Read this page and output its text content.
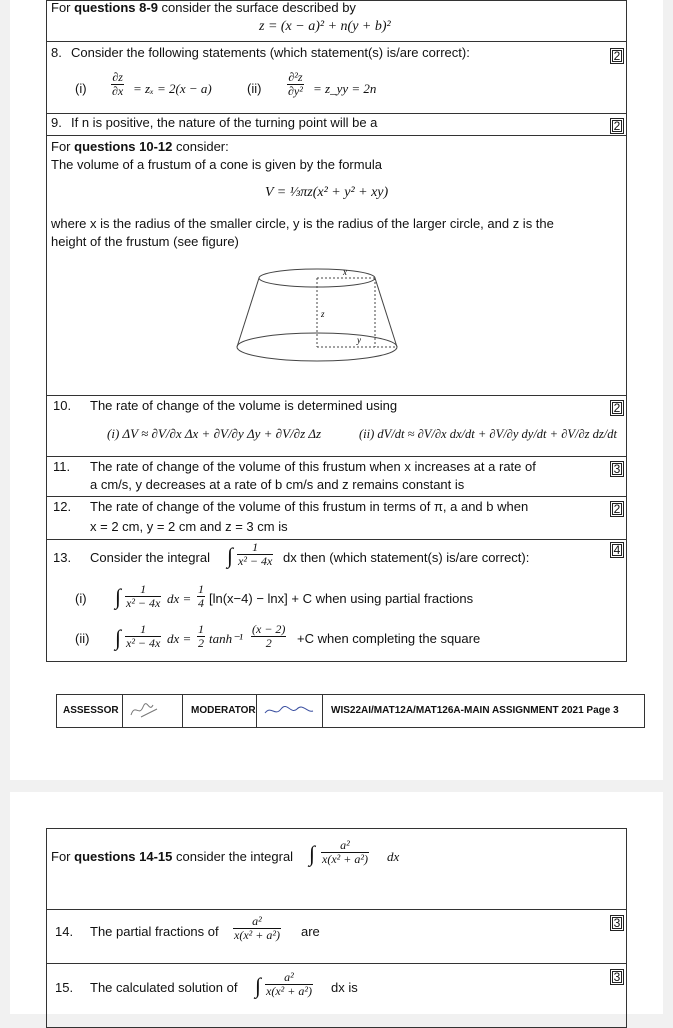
For questions 8-9 consider the surface described by
z = (x − a)² + n(y + b)²
8. Consider the following statements (which statement(s) is/are correct):	2
(i)
∂z
∂x = zₓ = 2(x − a)	(ii)
∂²z
∂y² = z_yy = 2n
9. If n is positive, the nature of the turning point will be a	2
For questions 10-12 consider:
The volume of a frustum of a cone is given by the formula
V = ⅓πz(x² + y² + xy)
where x is the radius of the smaller circle, y is the radius of the larger circle, and z is the
height of the frustum (see figure)
x
z
y
10. The rate of change of the volume is determined using	2
(i) ΔV ≈ ∂V/∂x Δx + ∂V/∂y Δy + ∂V/∂z Δz	(ii) dV/dt ≈ ∂V/∂x dx/dt + ∂V/∂y dy/dt + ∂V/∂z dz/dt
11. The rate of change of the volume of this frustum when x increases at a rate of
a cm/s, y decreases at a rate of b cm/s and z remains constant is
3
12. The rate of change of the volume of this frustum in terms of π, a and b when
x = 2 cm, y = 2 cm and z = 3 cm is
2
13. Consider the integral ∫	1
x² − 4x dx then (which statement(s) is/are correct):	4
(i) ∫	1
x² − 4x dx =
1
4 [ln(x−4) − lnx] + C when using partial fractions
(ii) ∫	1
x² − 4x dx =
1
2 tanh⁻¹
(x − 2)
2	+C when completing the square
ASSESSOR	MODERATOR	WIS22AI/MAT12A/MAT126A-MAIN ASSIGNMENT 2021 Page 3
For questions 14-15 consider the integral ∫	a²
x(x² + a²) dx
14. The partial fractions of
a²
x(x² + a²) are
3
15. The calculated solution of ∫	a²
x(x² + a²) dx is
3
